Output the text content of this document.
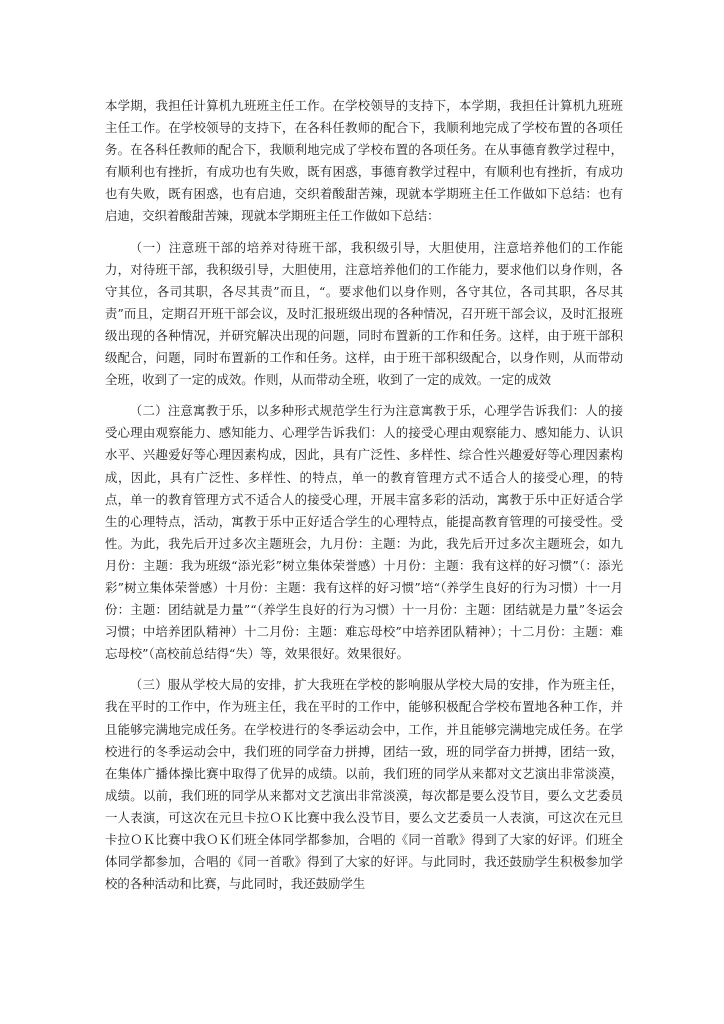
本学期，我担任计算机九班班主任工作。在学校领导的支持下，本学期，我担任计算机九班班主任工作。在学校领导的支持下，在各科任教师的配合下，我顺利地完成了学校布置的各项任务。在各科任教师的配合下，我顺利地完成了学校布置的各项任务。在从事德育教学过程中，有顺利也有挫折，有成功也有失败，既有困惑，事德育教学过程中，有顺利也有挫折，有成功也有失败，既有困惑，也有启迪，交织着酸甜苦辣，现就本学期班主任工作做如下总结：也有启迪，交织着酸甜苦辣，现就本学期班主任工作做如下总结：

（一）注意班干部的培养对待班干部，我积级引导，大胆使用，注意培养他们的工作能力，对待班干部，我积级引导，大胆使用，注意培养他们的工作能力，要求他们以身作则，各守其位，各司其职，各尽其责”而且，“。要求他们以身作则，各守其位，各司其职，各尽其责”而且，定期召开班干部会议，及时汇报班级出现的各种情况，召开班干部会议，及时汇报班级出现的各种情况，并研究解决出现的问题，同时布置新的工作和任务。这样，由于班干部积级配合，问题，同时布置新的工作和任务。这样，由于班干部积级配合，以身作则，从而带动全班，收到了一定的成效。作则，从而带动全班，收到了一定的成效。一定的成效

（二）注意寓教于乐，以多种形式规范学生行为注意寓教于乐，心理学告诉我们：人的接受心理由观察能力、感知能力、心理学告诉我们：人的接受心理由观察能力、感知能力、认识水平、兴趣爱好等心理因素构成，因此，具有广泛性、多样性、综合性兴趣爱好等心理因素构成，因此，具有广泛性、多样性、的特点，单一的教育管理方式不适合人的接受心理，的特点，单一的教育管理方式不适合人的接受心理，开展丰富多彩的活动，寓教于乐中正好适合学生的心理特点，活动，寓教于乐中正好适合学生的心理特点，能提高教育管理的可接受性。受性。为此，我先后开过多次主题班会，九月份：主题：为此，我先后开过多次主题班会，如九月份：主题：我为班级“添光彩”树立集体荣誉感）十月份：主题：我有这样的好习惯”（：添光彩”树立集体荣誉感）十月份：主题：我有这样的好习惯”培“（养学生良好的行为习惯）十一月份：主题：团结就是力量”“（养学生良好的行为习惯）十一月份：主题：团结就是力量”冬运会习惯；中培养团队精神）十二月份：主题：难忘母校”中培养团队精神）；十二月份：主题：难忘母校”（高校前总结得“失）等，效果很好。效果很好。

（三）服从学校大局的安排，扩大我班在学校的影响服从学校大局的安排，作为班主任，我在平时的工作中，作为班主任，我在平时的工作中，能够积极配合学校布置地各种工作，并且能够完满地完成任务。在学校进行的冬季运动会中，工作，并且能够完满地完成任务。在学校进行的冬季运动会中，我们班的同学奋力拼搏，团结一致，班的同学奋力拼搏，团结一致，在集体广播体操比赛中取得了优异的成绩。以前，我们班的同学从来都对文艺演出非常淡漠，成绩。以前，我们班的同学从来都对文艺演出非常淡漠，每次都是要么没节目，要么文艺委员一人表演，可这次在元旦卡拉ＯＫ比赛中我么没节目，要么文艺委员一人表演，可这次在元旦卡拉ＯＫ比赛中我ＯＫ们班全体同学都参加，合唱的《同一首歌》得到了大家的好评。们班全体同学都参加，合唱的《同一首歌》得到了大家的好评。与此同时，我还鼓励学生积极参加学校的各种活动和比赛，与此同时，我还鼓励学生
